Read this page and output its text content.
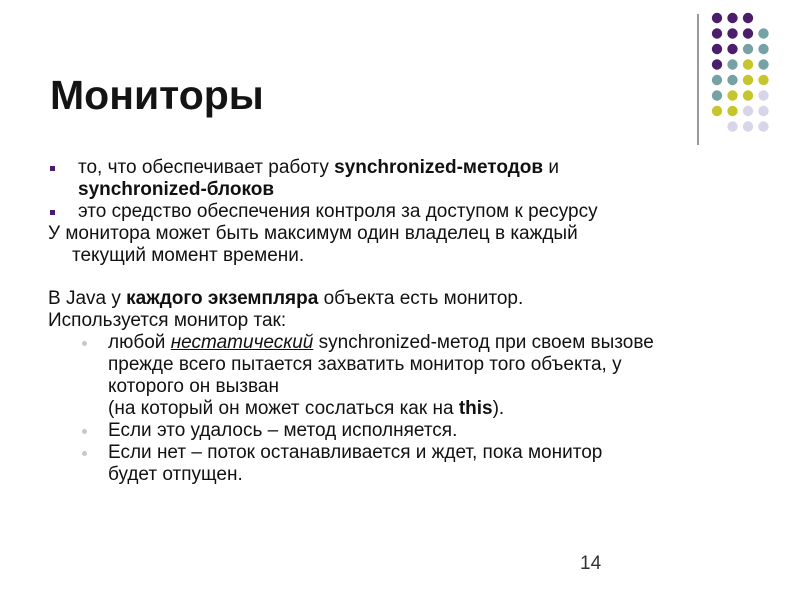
Мониторы

то, что обеспечивает работу synchronized-методов и

synchronized-блоков

это средство обеспечения контроля за доступом к ресурсу

У монитора может быть максимум один владелец в каждый

текущий момент времени.

В Java у каждого экземпляра объекта есть монитор.

Используется монитор так:

любой нестатический synchronized-метод при своем вызове

прежде всего пытается захватить монитор того объекта, у

которого он вызван

(на который он может сослаться как на this).

Если это удалось – метод исполняется.

Если нет – поток останавливается и ждет, пока монитор

будет отпущен.

14
